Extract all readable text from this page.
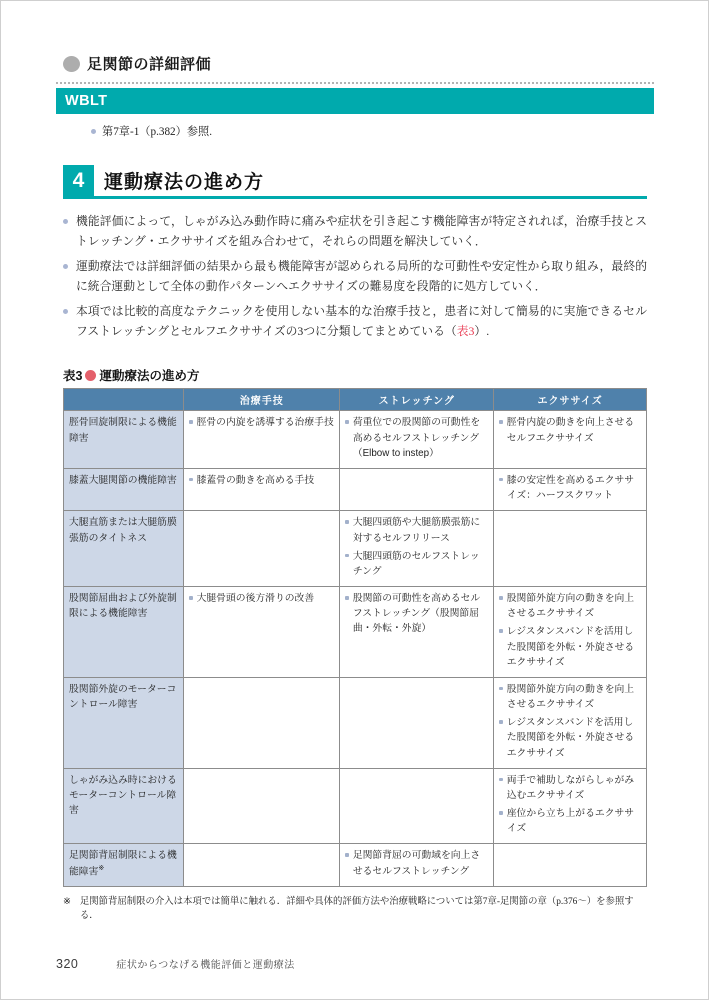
足関節の詳細評価
WBLT
第7章-1（p.382）参照.
4	運動療法の進め方
機能評価によって，しゃがみ込み動作時に痛みや症状を引き起こす機能障害が特定されれば，治療手技とストレッチング・エクササイズを組み合わせて，それらの問題を解決していく．
運動療法では詳細評価の結果から最も機能障害が認められる局所的な可動性や安定性から取り組み，最終的に統合運動として全体の動作パターンへエクササイズの難易度を段階的に処方していく．
本項では比較的高度なテクニックを使用しない基本的な治療手技と，患者に対して簡易的に実施できるセルフストレッチングとセルフエクササイズの3つに分類してまとめている（表3）.
表3 運動療法の進め方
	治療手技	ストレッチング	エクササイズ
脛骨回旋制限による機能障害	脛骨の内旋を誘導する治療手技	荷重位での股関節の可動性を高めるセルフストレッチング（Elbow to instep）	脛骨内旋の動きを向上させるセルフエクササイズ

膝蓋大腿関節の機能障害	膝蓋骨の動きを高める手技		膝の安定性を高めるエクササイズ：ハーフスクワット

大腿直筋または大腿筋膜張筋のタイトネス		大腿四頭筋や大腿筋膜張筋に対するセルフリリース
大腿四頭筋のセルフストレッチング	

股関節屈曲および外旋制限による機能障害	大腿骨頭の後方滑りの改善	股関節の可動性を高めるセルフストレッチング（股関節屈曲・外転・外旋）	股関節外旋方向の動きを向上させるエクササイズ
レジスタンスバンドを活用した股関節を外転・外旋させるエクササイズ

股関節外旋のモーターコントロール障害			股関節外旋方向の動きを向上させるエクササイズ
レジスタンスバンドを活用した股関節を外転・外旋させるエクササイズ

しゃがみ込み時におけるモーターコントロール障害			両手で補助しながらしゃがみ込むエクササイズ
座位から立ち上がるエクササイズ

足関節背屈制限による機能障害※		足関節背屈の可動域を向上させるセルフストレッチング	

※ 足関節背屈制限の介入は本項では簡単に触れる．詳細や具体的評価方法や治療戦略については第7章-足関節の章（p.376～）を参照する．
320	症状からつなげる機能評価と運動療法
